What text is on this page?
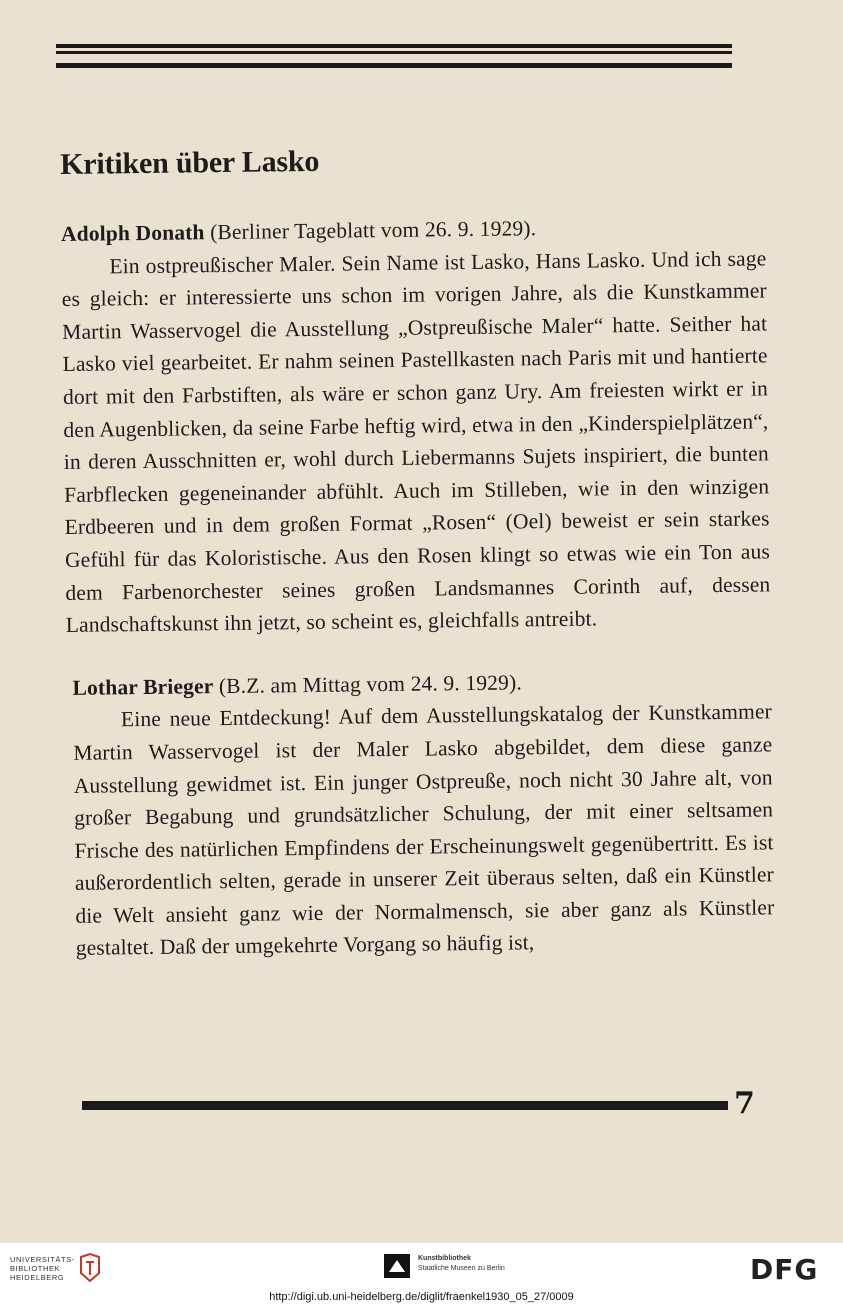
Kritiken über Lasko
Adolph Donath (Berliner Tageblatt vom 26. 9. 1929).
Ein ostpreußischer Maler. Sein Name ist Lasko, Hans Lasko. Und ich sage es gleich: er interessierte uns schon im vorigen Jahre, als die Kunstkammer Martin Wasservogel die Ausstellung „Ostpreußische Maler“ hatte. Seither hat Lasko viel gearbeitet. Er nahm seinen Pastellkasten nach Paris mit und hantierte dort mit den Farbstiften, als wäre er schon ganz Ury. Am freiesten wirkt er in den Augenblicken, da seine Farbe heftig wird, etwa in den „Kinderspielplätzen“, in deren Ausschnitten er, wohl durch Liebermanns Sujets inspiriert, die bunten Farbflecken gegeneinander abfühlt. Auch im Stilleben, wie in den winzigen Erdbeeren und in dem großen Format „Rosen“ (Oel) beweist er sein starkes Gefühl für das Koloristische. Aus den Rosen klingt so etwas wie ein Ton aus dem Farbenorchester seines großen Landsmannes Corinth auf, dessen Landschaftskunst ihn jetzt, so scheint es, gleichfalls antreibt.
Lothar Brieger (B.Z. am Mittag vom 24. 9. 1929).
Eine neue Entdeckung! Auf dem Ausstellungskatalog der Kunstkammer Martin Wasservogel ist der Maler Lasko abgebildet, dem diese ganze Ausstellung gewidmet ist. Ein junger Ostpreuße, noch nicht 30 Jahre alt, von großer Begabung und grundsätzlicher Schulung, der mit einer seltsamen Frische des natürlichen Empfindens der Erscheinungswelt gegenübertritt. Es ist außerordentlich selten, gerade in unserer Zeit überaus selten, daß ein Künstler die Welt ansieht ganz wie der Normalmensch, sie aber ganz als Künstler gestaltet. Daß der umgekehrte Vorgang so häufig ist,
7
UNIVERSITÄTS-
BIBLIOTHEK
HEIDELBERG
Kunstbibliothek
Staatliche Museen zu Berlin	DFG
http://digi.ub.uni-heidelberg.de/diglit/fraenkel1930_05_27/0009
